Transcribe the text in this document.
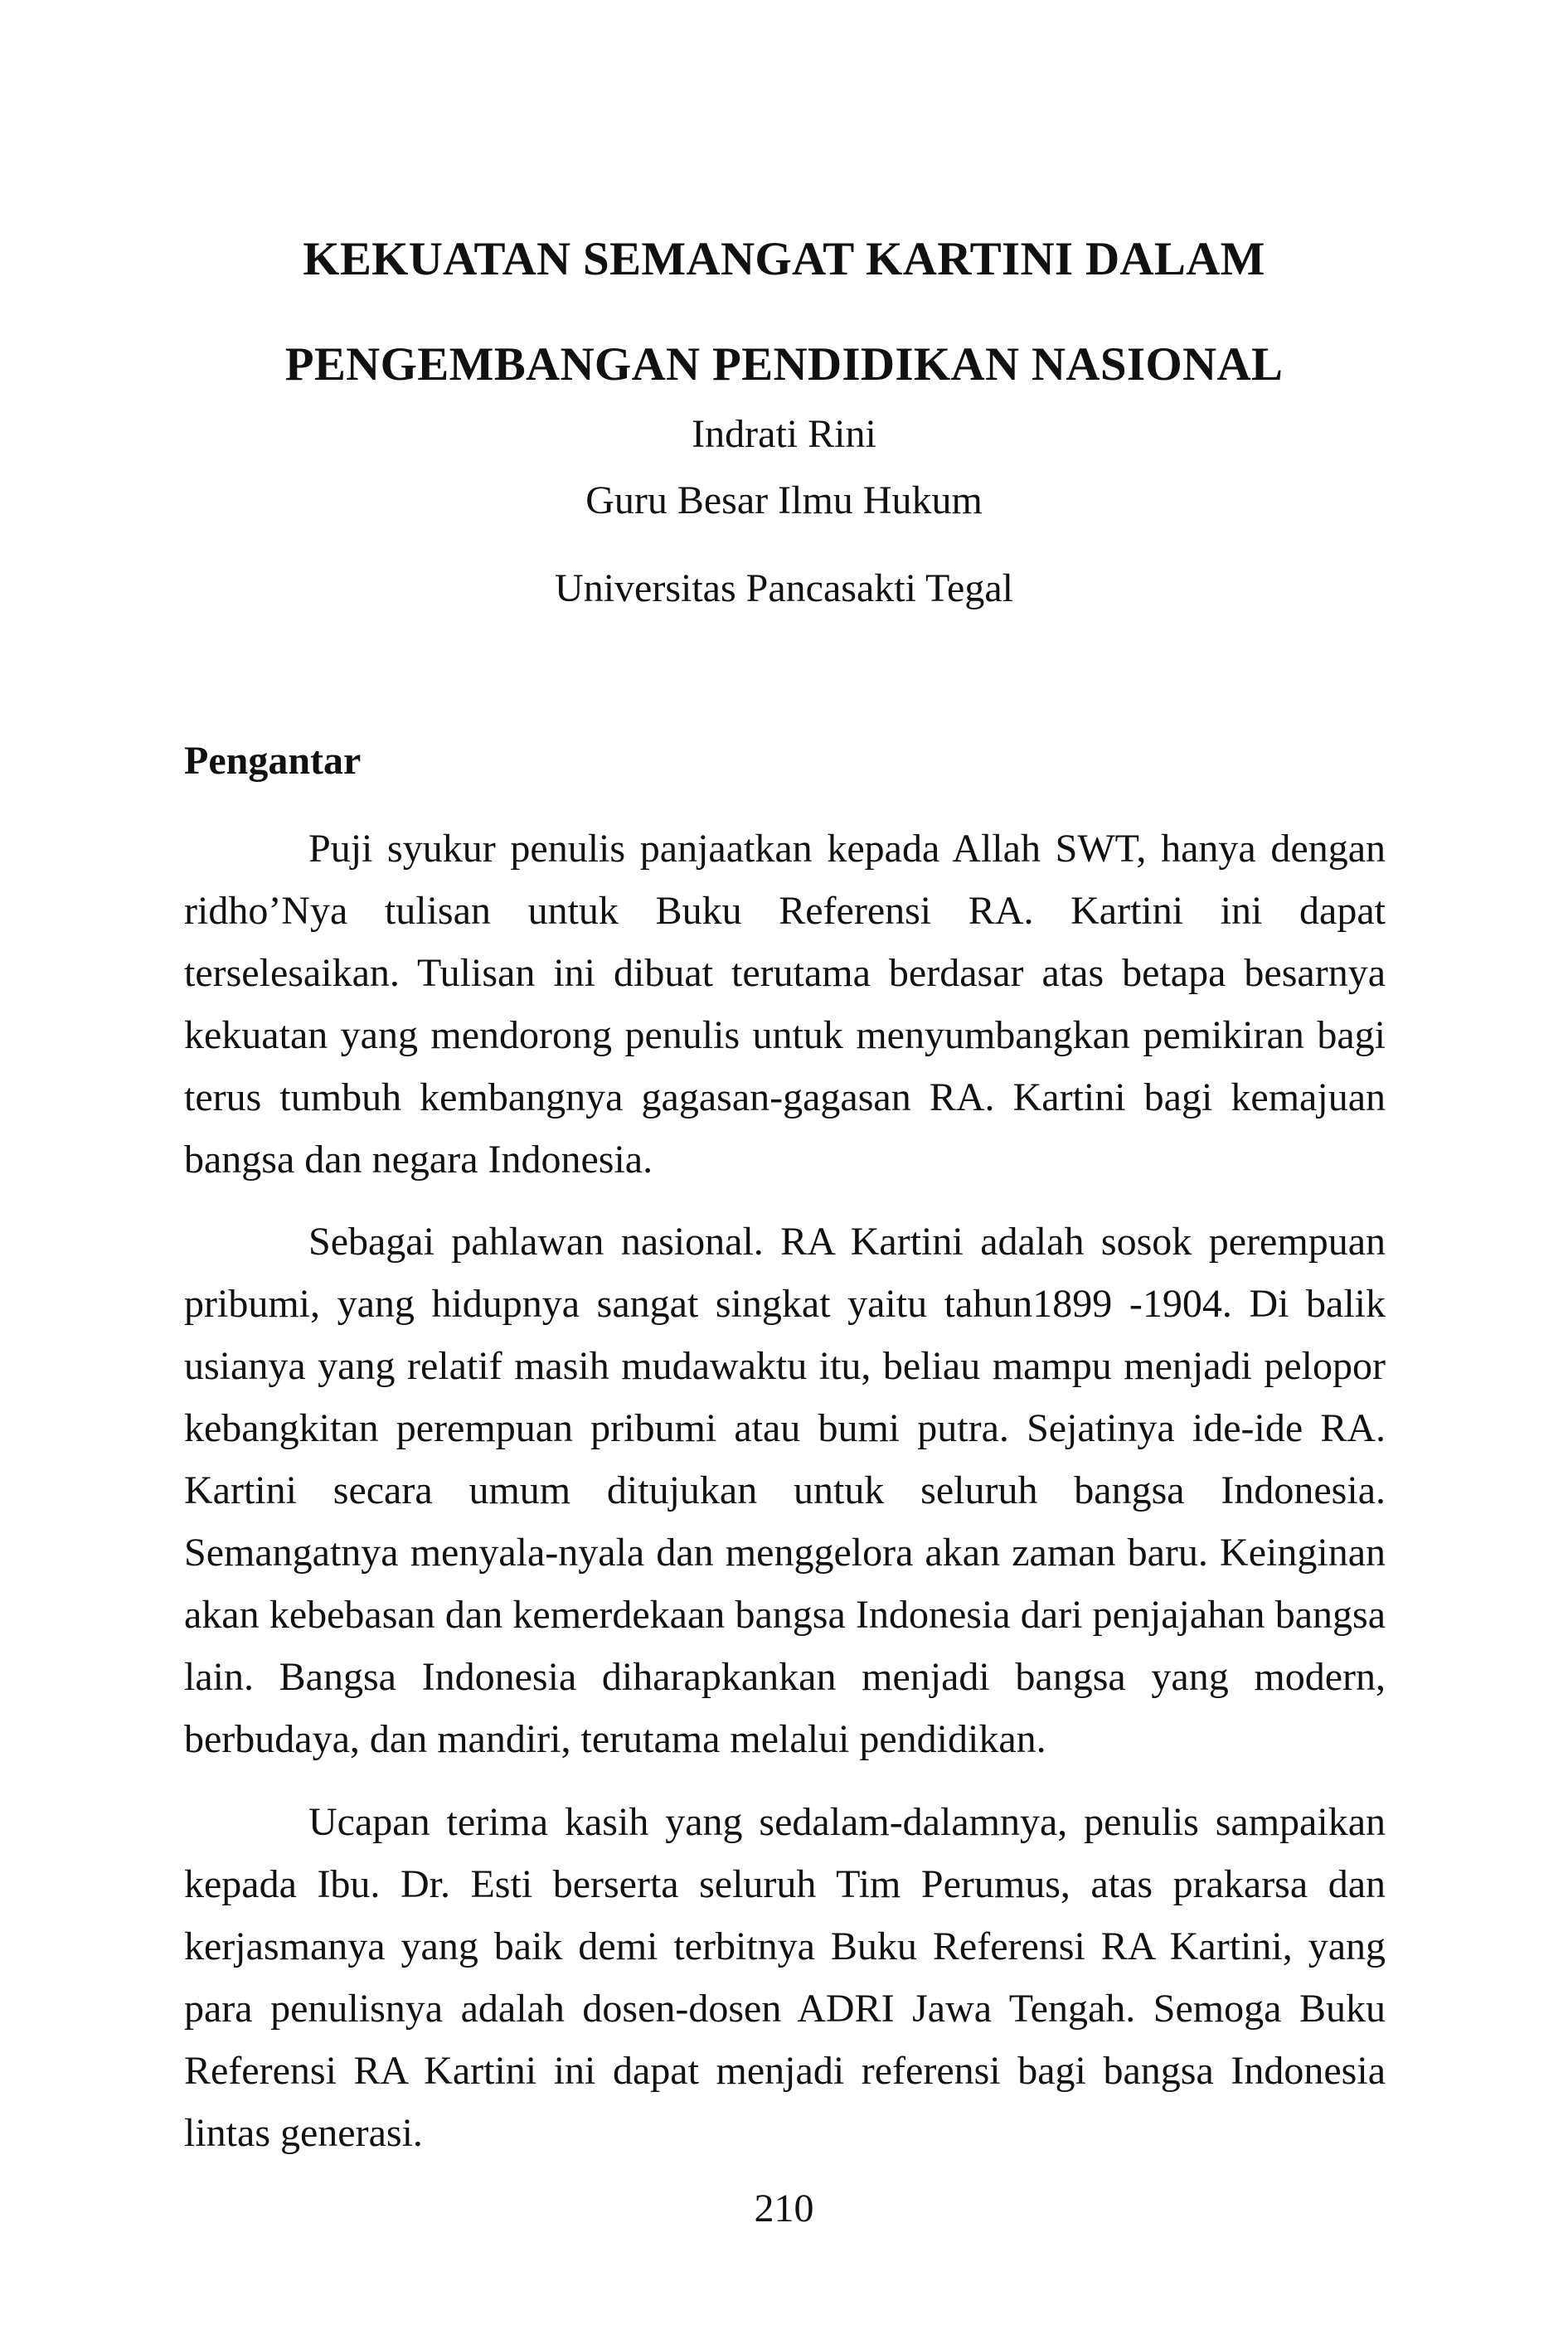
KEKUATAN SEMANGAT KARTINI DALAM
PENGEMBANGAN PENDIDIKAN NASIONAL
Indrati Rini
Guru Besar Ilmu Hukum
Universitas Pancasakti Tegal
Pengantar

Puji syukur penulis panjaatkan kepada Allah SWT, hanya dengan ridho’Nya tulisan untuk Buku Referensi RA. Kartini ini dapat terselesaikan. Tulisan ini dibuat terutama berdasar atas betapa besarnya kekuatan yang mendorong penulis untuk menyumbangkan pemikiran bagi terus tumbuh kembangnya gagasan-gagasan RA. Kartini bagi kemajuan bangsa dan negara Indonesia.

Sebagai pahlawan nasional. RA Kartini adalah sosok perempuan pribumi, yang hidupnya sangat singkat yaitu tahun1899 -1904. Di balik usianya yang relatif masih mudawaktu itu, beliau mampu menjadi pelopor kebangkitan perempuan pribumi atau bumi putra. Sejatinya ide-ide RA. Kartini secara umum ditujukan untuk seluruh bangsa Indonesia. Semangatnya menyala-nyala dan menggelora akan zaman baru. Keinginan akan kebebasan dan kemerdekaan bangsa Indonesia dari penjajahan bangsa lain. Bangsa Indonesia diharapkankan menjadi bangsa yang modern, berbudaya, dan mandiri, terutama melalui pendidikan.

Ucapan terima kasih yang sedalam-dalamnya, penulis sampaikan kepada Ibu. Dr. Esti berserta seluruh Tim Perumus, atas prakarsa dan kerjasmanya yang baik demi terbitnya Buku Referensi RA Kartini, yang para penulisnya adalah dosen-dosen ADRI Jawa Tengah. Semoga Buku Referensi RA Kartini ini dapat menjadi referensi bagi bangsa Indonesia lintas generasi.

210
